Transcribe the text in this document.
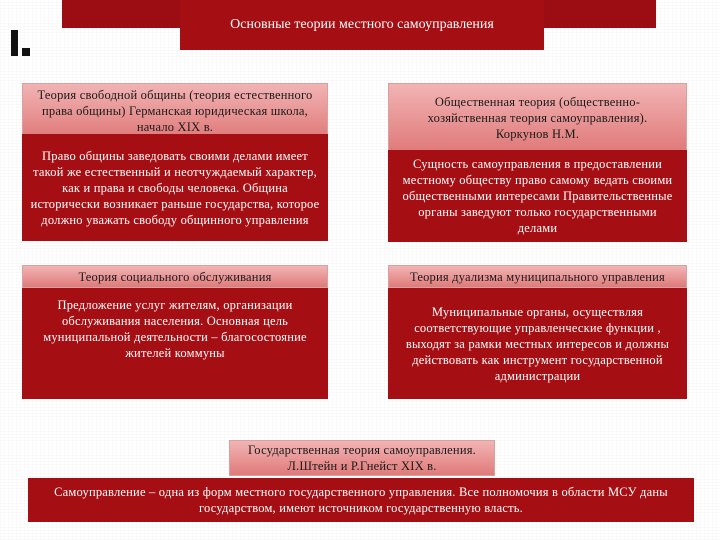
Основные теории местного самоуправления
Теория свободной общины (теория естественного права общины) Германская юридическая школа, начало XIX в.
Право общины заведовать своими делами имеет такой же естественный и неотчуждаемый характер, как и права и свободы человека. Община исторически возникает раньше государства, которое должно уважать свободу общинного управления
Общественная теория (общественно-хозяйственная теория самоуправления). Коркунов Н.М.
Сущность самоуправления в предоставлении местному обществу право самому ведать своими общественными интересами Правительственные органы заведуют только государственными делами
Теория социального обслуживания
Предложение услуг жителям, организации обслуживания населения. Основная цель муниципальной деятельности – благосостояние жителей коммуны
Теория дуализма муниципального управления
Муниципальные органы, осуществляя соответствующие управленческие функции , выходят за рамки местных интересов и должны действовать как инструмент государственной администрации
Государственная теория самоуправления. Л.Штейн и Р.Гнейст XIX в.
Самоуправление – одна из форм местного государственного управления. Все полномочия в области МСУ даны государством, имеют источником государственную власть.
